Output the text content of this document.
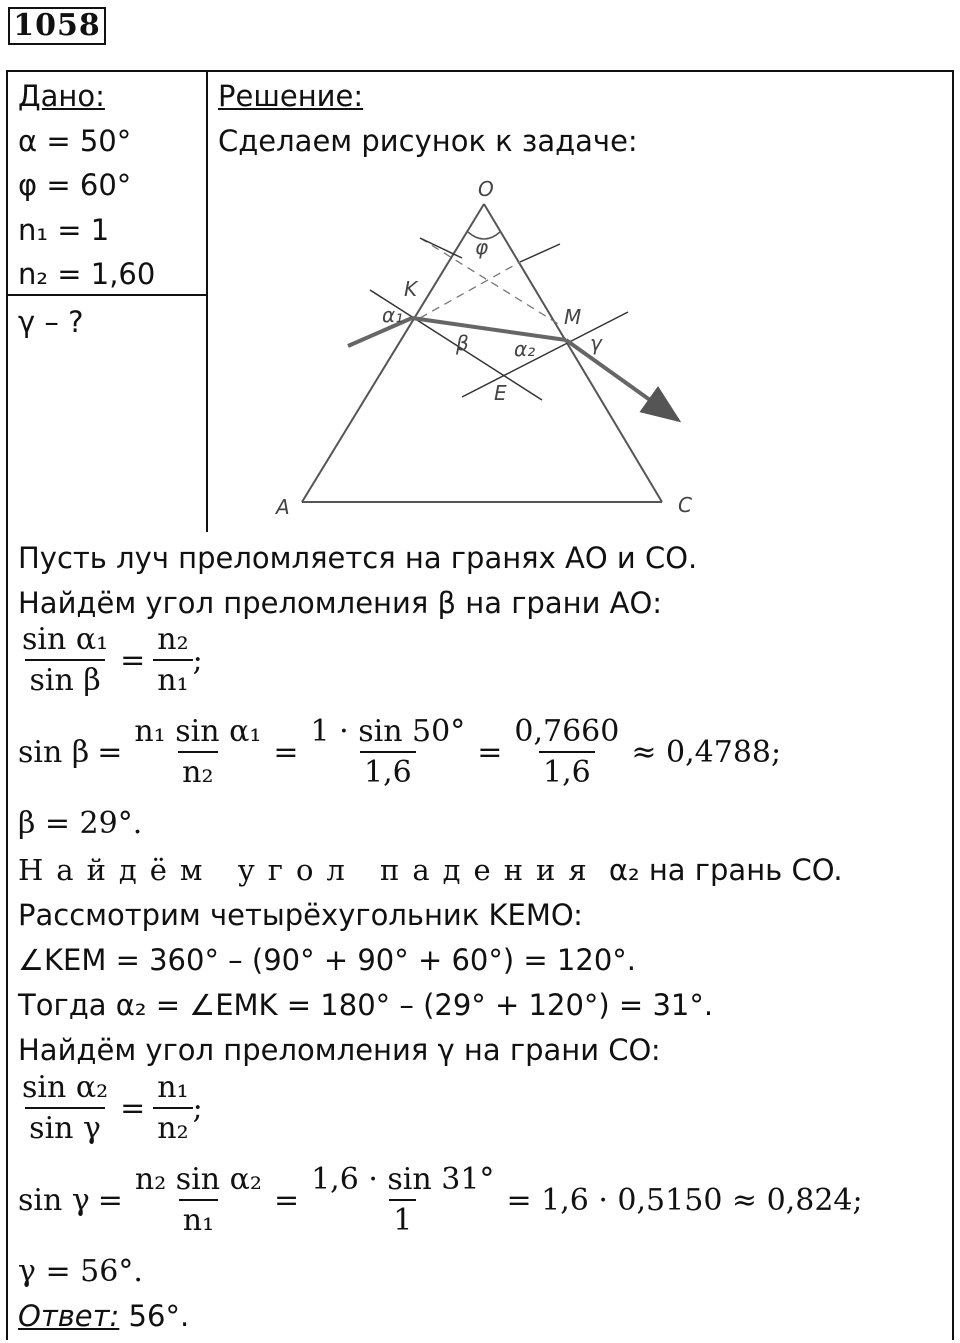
1058
Дано:
α = 50°
φ = 60°
n₁ = 1
n₂ = 1,60
γ – ?
Решение:
Сделаем рисунок к задаче:
O
φ
K
α₁
β α₂
M
γ
E
A	C
Пусть луч преломляется на гранях АО и СО.
Найдём угол преломления β на грани АО:
$\frac{\text{sin α₁}}{\text{sin β}} = \frac{\text{n₂}}{\text{n₁}}$ ;
$\sin \beta = \frac{\text{n₁ sin α₁}}{\text{n₂}} = \frac{1 \cdot \sin 50^\circ}{1,6} = \frac{0,7660}{1,6} \approx 0,4788$;
β = 29°.
Найдём угол падения α₂ на грань CO.
Рассмотрим четырёхугольник KEMO:
∠KEM = 360° – (90° + 90° + 60°) = 120°.
Тогда α₂ = ∠EMK = 180° – (29° + 120°) = 31°.
Найдём угол преломления γ на грани CO:
$\frac{\text{sin α₂}}{\text{sin γ}} = \frac{\text{n₁}}{\text{n₂}}$ ;
$\sin \gamma = \frac{\text{n₂ sin α₂}}{\text{n₁}} = \frac{1,6 \cdot \sin 31^\circ}{1} = 1,6 \cdot 0,5150 \approx 0,824$;
γ = 56°.
Ответ: 56°.
